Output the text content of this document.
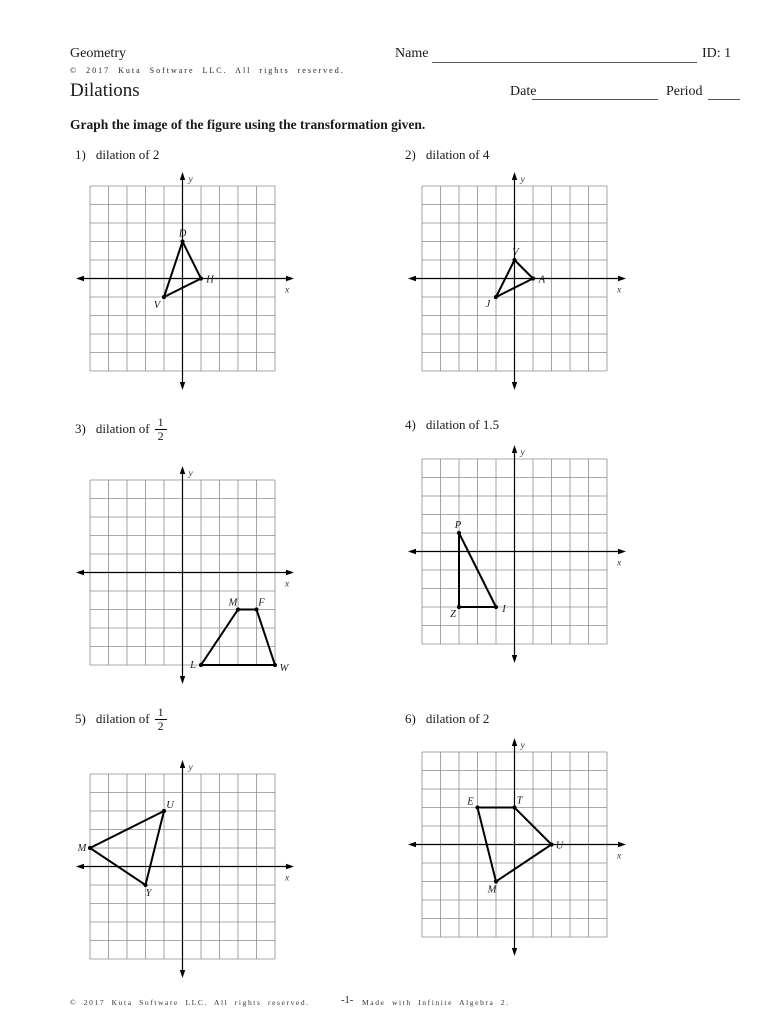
Geometry	Name	ID: 1
© 2017 Kuta Software LLC. All rights reserved.
Dilations	Date	Period
Graph the image of the figure using the transformation given.
1) dilation of 2
y
x
D
H
V
2) dilation of 4
y
x
V
A
J
3) dilation of $\frac{1}{2}$
y
x
M F
W
L
4) dilation of 1.5
y
x
P
Z	I
5) dilation of $\frac{1}{2}$
y
x
U
M
Y
6) dilation of 2
y
x
E	T
U
M
© 2017 Kuta Software LLC. All rights reserved.	-1- Made with Infinite Algebra 2.
